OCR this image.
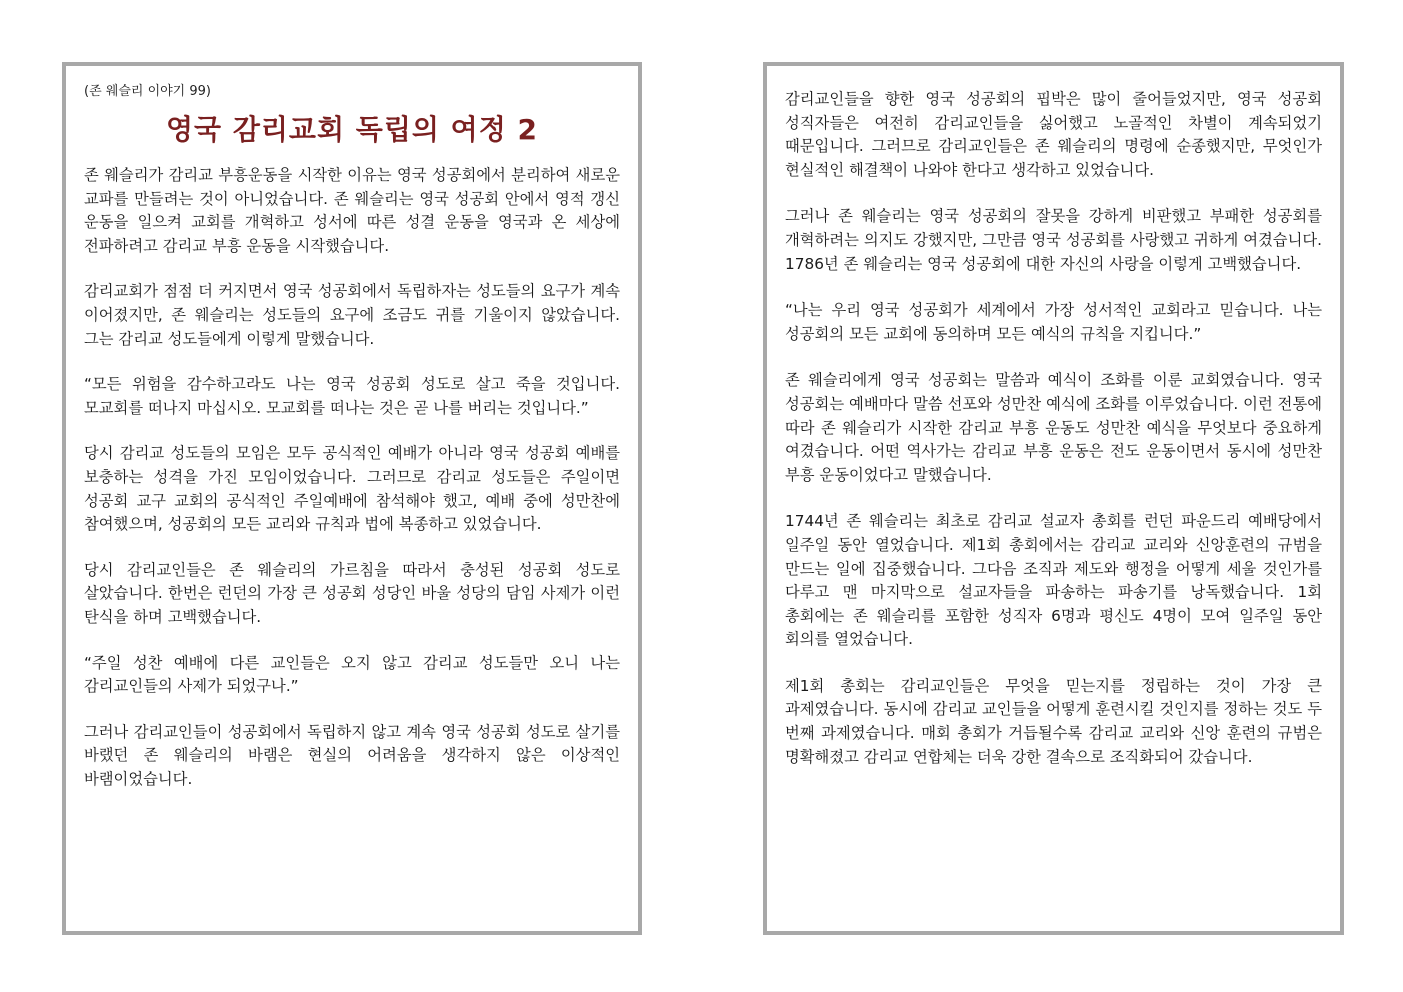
(존 웨슬리 이야기 99)
영국 감리교회 독립의 여정 2

존 웨슬리가 감리교 부흥운동을 시작한 이유는 영국 성공회에서 분리하여 새로운 교파를 만들려는 것이 아니었습니다. 존 웨슬리는 영국 성공회 안에서 영적 갱신 운동을 일으켜 교회를 개혁하고 성서에 따른 성결 운동을 영국과 온 세상에 전파하려고 감리교 부흥 운동을 시작했습니다.

감리교회가 점점 더 커지면서 영국 성공회에서 독립하자는 성도들의 요구가 계속 이어졌지만, 존 웨슬리는 성도들의 요구에 조금도 귀를 기울이지 않았습니다. 그는 감리교 성도들에게 이렇게 말했습니다.

“모든 위험을 감수하고라도 나는 영국 성공회 성도로 살고 죽을 것입니다. 모교회를 떠나지 마십시오. 모교회를 떠나는 것은 곧 나를 버리는 것입니다.”

당시 감리교 성도들의 모임은 모두 공식적인 예배가 아니라 영국 성공회 예배를 보충하는 성격을 가진 모임이었습니다. 그러므로 감리교 성도들은 주일이면 성공회 교구 교회의 공식적인 주일예배에 참석해야 했고, 예배 중에 성만찬에 참여했으며, 성공회의 모든 교리와 규칙과 법에 복종하고 있었습니다.

당시 감리교인들은 존 웨슬리의 가르침을 따라서 충성된 성공회 성도로 살았습니다. 한번은 런던의 가장 큰 성공회 성당인 바울 성당의 담임 사제가 이런 탄식을 하며 고백했습니다.

“주일 성찬 예배에 다른 교인들은 오지 않고 감리교 성도들만 오니 나는 감리교인들의 사제가 되었구나.”

그러나 감리교인들이 성공회에서 독립하지 않고 계속 영국 성공회 성도로 살기를 바랬던 존 웨슬리의 바램은 현실의 어려움을 생각하지 않은 이상적인 바램이었습니다.

감리교인들을 향한 영국 성공회의 핍박은 많이 줄어들었지만, 영국 성공회 성직자들은 여전히 감리교인들을 싫어했고 노골적인 차별이 계속되었기 때문입니다. 그러므로 감리교인들은 존 웨슬리의 명령에 순종했지만, 무엇인가 현실적인 해결책이 나와야 한다고 생각하고 있었습니다.

그러나 존 웨슬리는 영국 성공회의 잘못을 강하게 비판했고 부패한 성공회를 개혁하려는 의지도 강했지만, 그만큼 영국 성공회를 사랑했고 귀하게 여겼습니다. 1786년 존 웨슬리는 영국 성공회에 대한 자신의 사랑을 이렇게 고백했습니다.

“나는 우리 영국 성공회가 세계에서 가장 성서적인 교회라고 믿습니다. 나는 성공회의 모든 교회에 동의하며 모든 예식의 규칙을 지킵니다.”

존 웨슬리에게 영국 성공회는 말씀과 예식이 조화를 이룬 교회였습니다. 영국 성공회는 예배마다 말씀 선포와 성만찬 예식에 조화를 이루었습니다. 이런 전통에 따라 존 웨슬리가 시작한 감리교 부흥 운동도 성만찬 예식을 무엇보다 중요하게 여겼습니다. 어떤 역사가는 감리교 부흥 운동은 전도 운동이면서 동시에 성만찬 부흥 운동이었다고 말했습니다.

1744년 존 웨슬리는 최초로 감리교 설교자 총회를 런던 파운드리 예배당에서 일주일 동안 열었습니다. 제1회 총회에서는 감리교 교리와 신앙훈련의 규범을 만드는 일에 집중했습니다. 그다음 조직과 제도와 행정을 어떻게 세울 것인가를 다루고 맨 마지막으로 설교자들을 파송하는 파송기를 낭독했습니다. 1회 총회에는 존 웨슬리를 포함한 성직자 6명과 평신도 4명이 모여 일주일 동안 회의를 열었습니다.

제1회 총회는 감리교인들은 무엇을 믿는지를 정립하는 것이 가장 큰 과제였습니다. 동시에 감리교 교인들을 어떻게 훈련시킬 것인지를 정하는 것도 두 번째 과제였습니다. 매회 총회가 거듭될수록 감리교 교리와 신앙 훈련의 규범은 명확해졌고 감리교 연합체는 더욱 강한 결속으로 조직화되어 갔습니다.
